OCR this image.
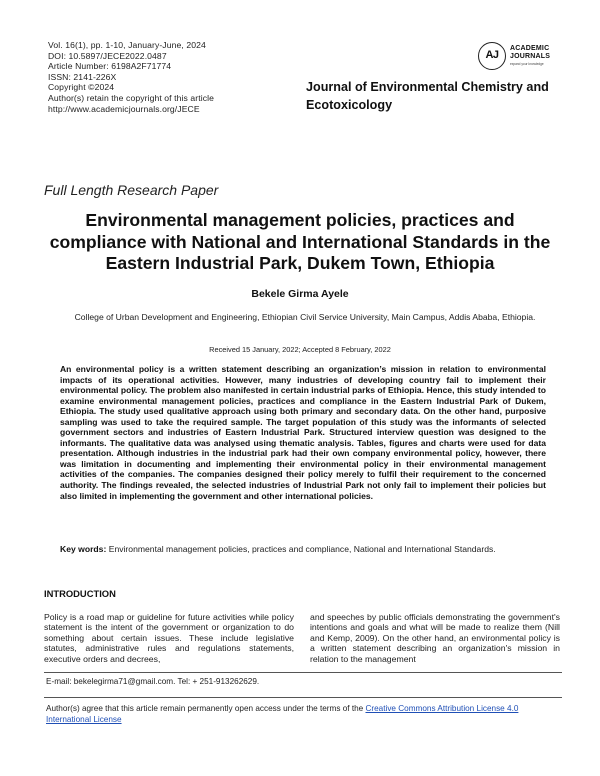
Vol. 16(1), pp. 1-10, January-June, 2024
DOI: 10.5897/JECE2022.0487
Article Number: 6198A2F71774
ISSN: 2141-226X
Copyright ©2024
Author(s) retain the copyright of this article
http://www.academicjournals.org/JECE
AJ
ACADEMIC
JOURNALS
expand your knowledge
Journal of Environmental Chemistry and Ecotoxicology
Full Length Research Paper
Environmental management policies, practices and compliance with National and International Standards in the Eastern Industrial Park, Dukem Town, Ethiopia
Bekele Girma Ayele
College of Urban Development and Engineering, Ethiopian Civil Service University, Main Campus, Addis Ababa, Ethiopia.
Received 15 January, 2022; Accepted 8 February, 2022
An environmental policy is a written statement describing an organization’s mission in relation to environmental impacts of its operational activities. However, many industries of developing country fail to implement their environmental policy. The problem also manifested in certain industrial parks of Ethiopia. Hence, this study intended to examine environmental management policies, practices and compliance in the Eastern Industrial Park of Dukem, Ethiopia. The study used qualitative approach using both primary and secondary data. On the other hand, purposive sampling was used to take the required sample. The target population of this study was the informants of selected government sectors and industries of Eastern Industrial Park. Structured interview question was designed to the informants. The qualitative data was analysed using thematic analysis. Tables, figures and charts were used for data presentation. Although industries in the industrial park had their own company environmental policy, however, there was limitation in documenting and implementing their environmental policy in their environmental management activities of the companies. The companies designed their policy merely to fulfil their requirement to the concerned authority. The findings revealed, the selected industries of Industrial Park not only fail to implement their policies but also limited in implementing the government and other international policies.
Key words: Environmental management policies, practices and compliance, National and International Standards.
INTRODUCTION
Policy is a road map or guideline for future activities while policy statement is the intent of the government or organization to do something about certain issues. These include legislative statutes, administrative rules and regulations statements, executive orders and decrees,
and speeches by public officials demonstrating the government's intentions and goals and what will be made to realize them (Nill and Kemp, 2009). On the other hand, an environmental policy is a written statement describing an organization's mission in relation to the management
E-mail: bekelegirma71@gmail.com. Tel: + 251-913262629.
Author(s) agree that this article remain permanently open access under the terms of the Creative Commons Attribution License 4.0 International License
